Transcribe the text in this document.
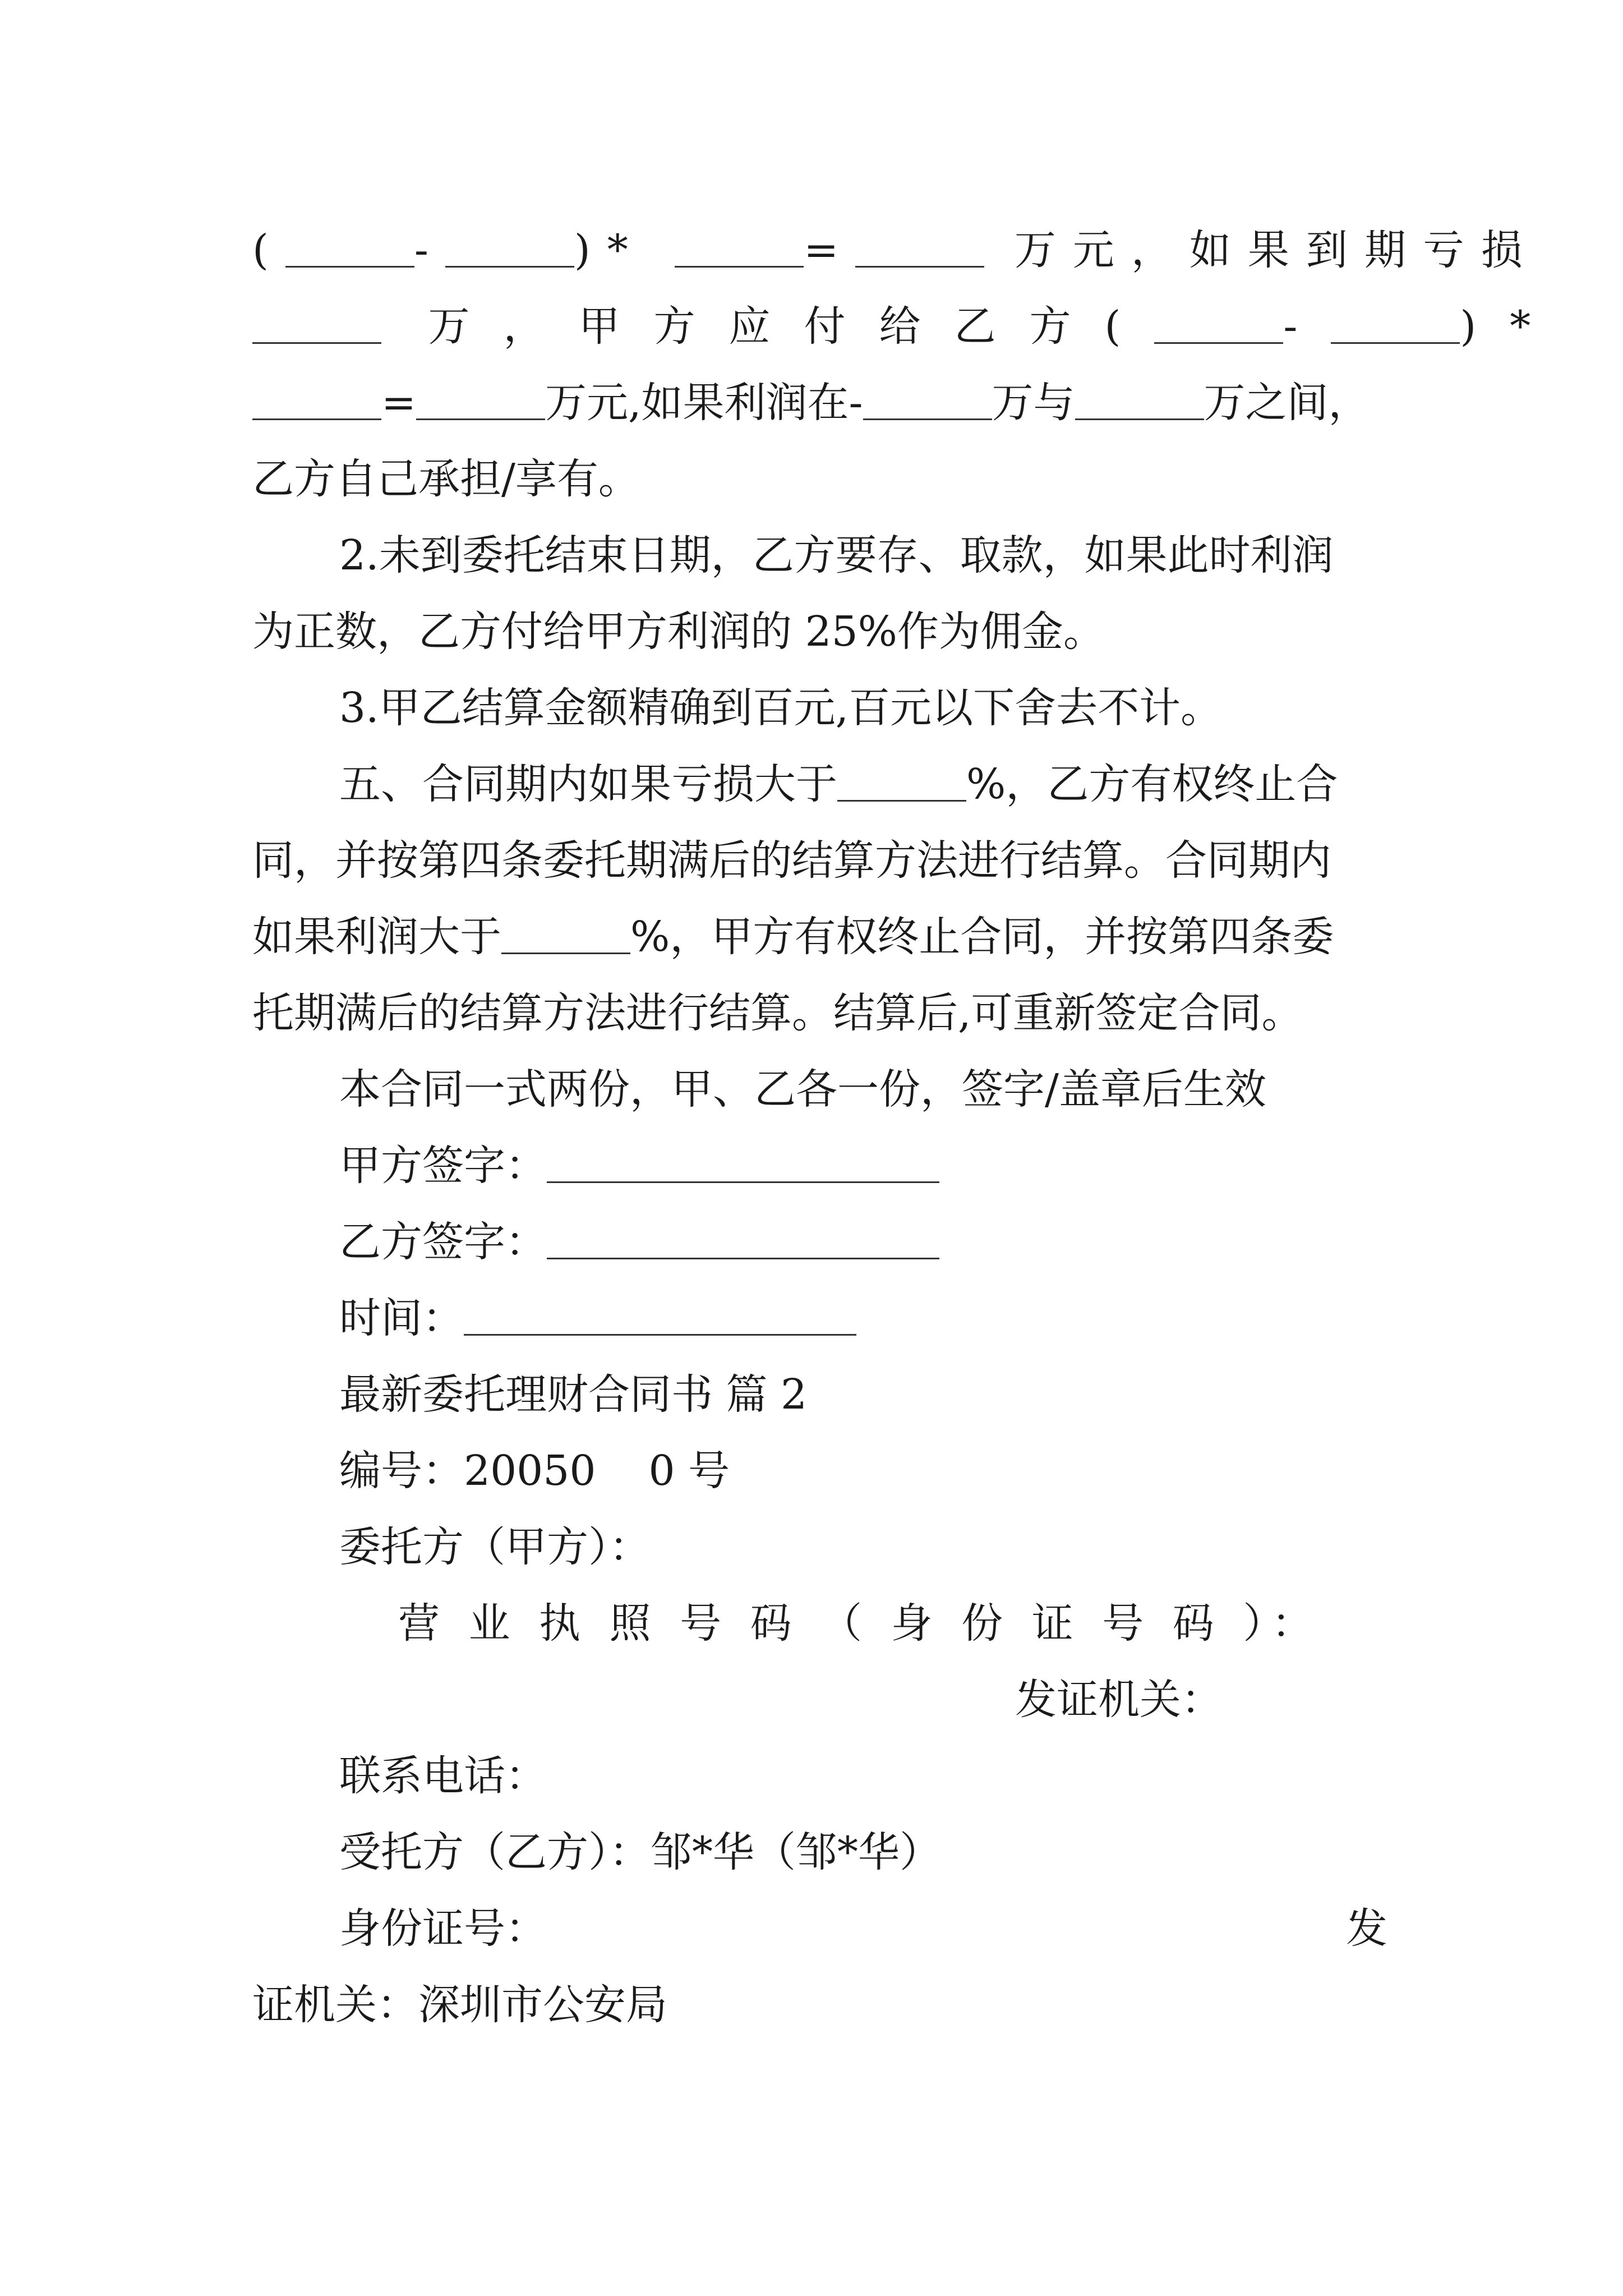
(	-	)*	=	万元，如果到期亏损
万，甲方应付给乙方(	-	)*
=	万元,如果利润在-	万与	万之间，
乙方自己承担/享有。
2.未到委托结束日期，乙方要存、取款，如果此时利润
为正数，乙方付给甲方利润的 25%作为佣金。
3.甲乙结算金额精确到百元,百元以下舍去不计。
五、合同期内如果亏损大于	%，乙方有权终止合
同，并按第四条委托期满后的结算方法进行结算。合同期内
如果利润大于	%，甲方有权终止合同，并按第四条委
托期满后的结算方法进行结算。结算后,可重新签定合同。
本合同一式两份，甲、乙各一份，签字/盖章后生效
甲方签字：
乙方签字：
时间：
最新委托理财合同书 篇 2
编号：20050    0 号
委托方（甲方）：
营 业 执 照 号 码 （ 身 份 证 号 码 ）：
发证机关：
联系电话：
受托方（乙方）：邹*华（邹*华）
身份证号：	发
证机关：深圳市公安局
